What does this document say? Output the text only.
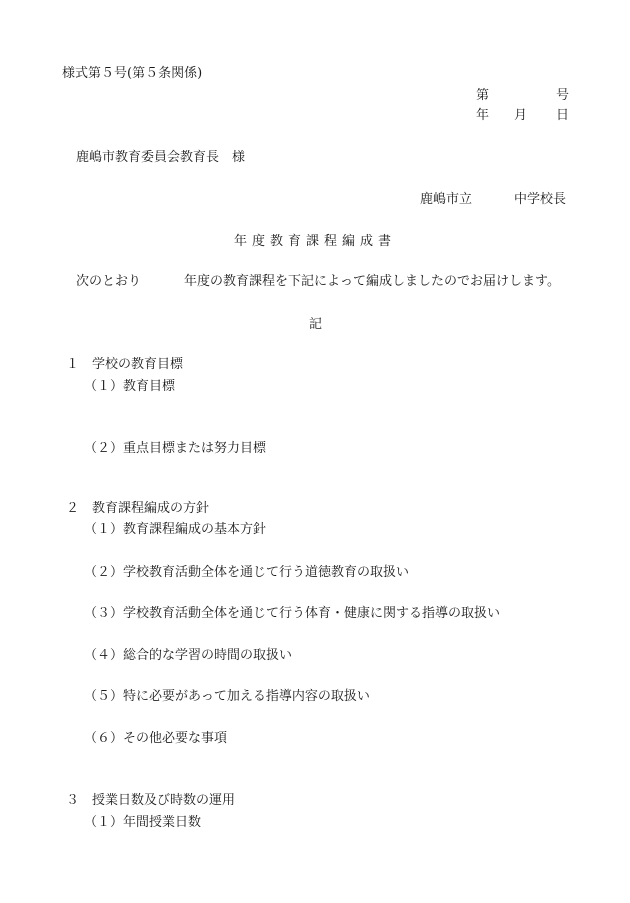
様式第５号(第５条関係)
第	号
年 月 日
鹿嶋市教育委員会教育長　様
鹿嶋市立	中学校長
年度教育課程編成書
次のとおり	年度の教育課程を下記によって編成しましたのでお届けします。
記
１　学校の教育目標
（１）教育目標
（２）重点目標または努力目標
２　教育課程編成の方針
（１）教育課程編成の基本方針
（２）学校教育活動全体を通じて行う道徳教育の取扱い
（３）学校教育活動全体を通じて行う体育・健康に関する指導の取扱い
（４）総合的な学習の時間の取扱い
（５）特に必要があって加える指導内容の取扱い
（６）その他必要な事項
３　授業日数及び時数の運用
（１）年間授業日数
